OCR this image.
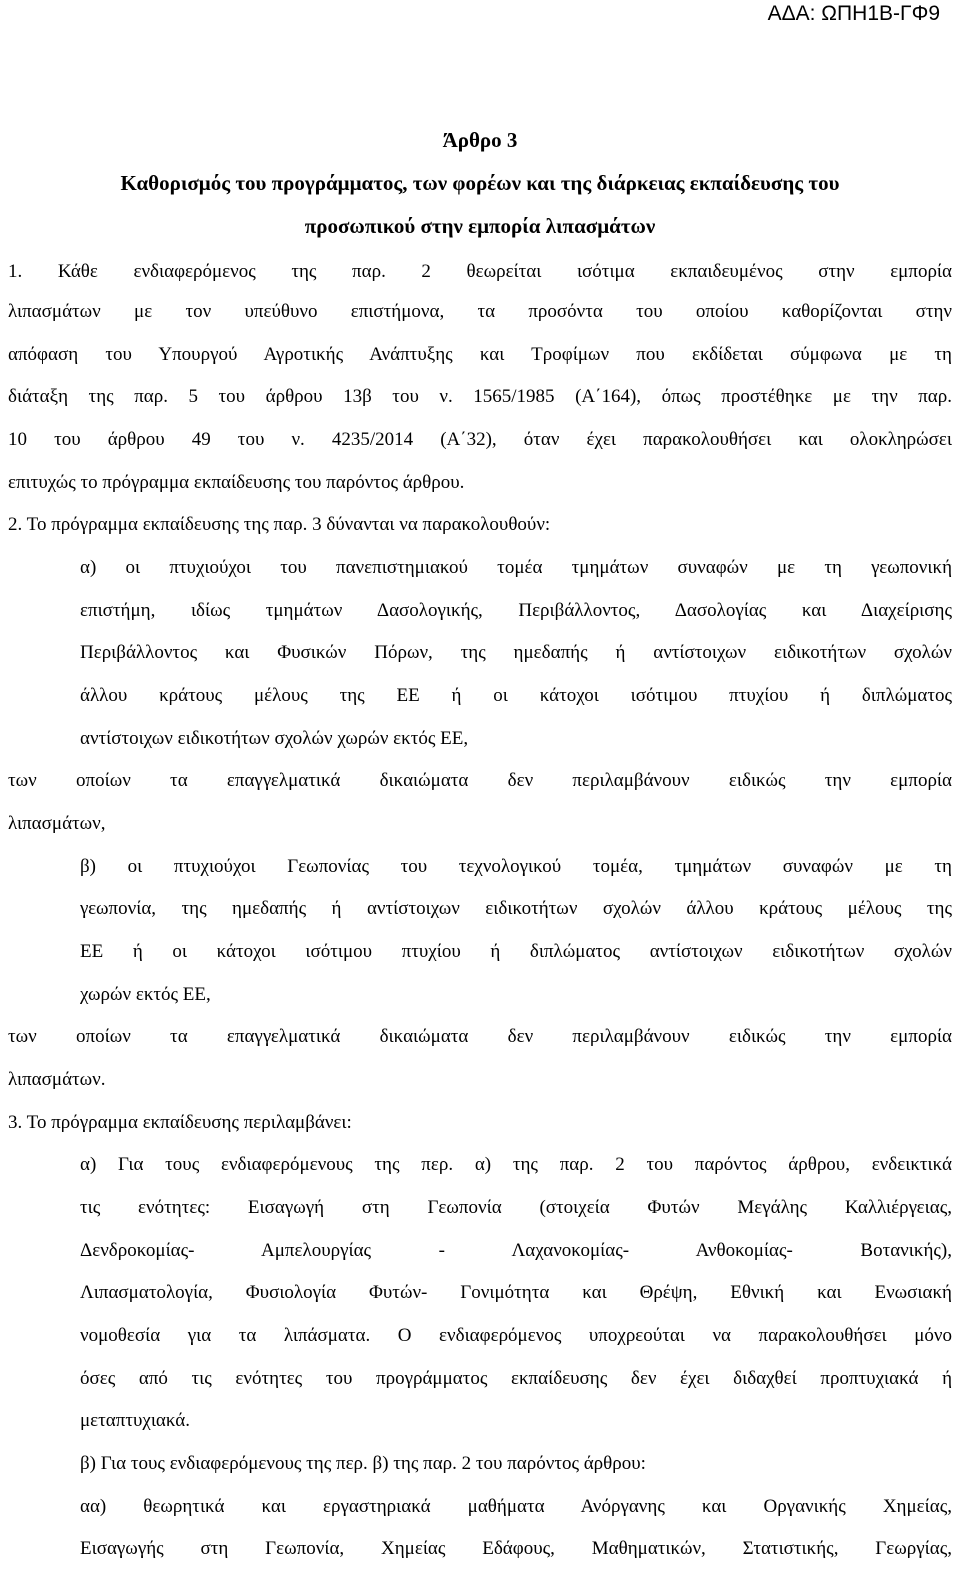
ΑΔΑ: ΩΠΗ1Β-ΓΦ9
Άρθρο 3
Καθορισμός του προγράμματος, των φορέων και της διάρκειας εκπαίδευσης του
προσωπικού στην εμπορία λιπασμάτων
1. Κάθε ενδιαφερόμενος της παρ. 2 θεωρείται ισότιμα εκπαιδευμένος στην εμπορία
λιπασμάτων με τον υπεύθυνο επιστήμονα, τα προσόντα του οποίου καθορίζονται στην
απόφαση του Υπουργού Αγροτικής Ανάπτυξης και Τροφίμων που εκδίδεται σύμφωνα με τη
διάταξη της παρ. 5 του άρθρου 13β του ν. 1565/1985 (Α΄164), όπως προστέθηκε με την παρ.
10 του άρθρου 49 του ν. 4235/2014 (Α΄32), όταν έχει παρακολουθήσει και ολοκληρώσει
επιτυχώς το πρόγραμμα εκπαίδευσης του παρόντος άρθρου.
2. Το πρόγραμμα εκπαίδευσης της παρ. 3 δύνανται να παρακολουθούν:
α) οι πτυχιούχοι του πανεπιστημιακού τομέα τμημάτων συναφών με τη γεωπονική
επιστήμη, ιδίως τμημάτων Δασολογικής, Περιβάλλοντος, Δασολογίας και Διαχείρισης
Περιβάλλοντος και Φυσικών Πόρων, της ημεδαπής ή αντίστοιχων ειδικοτήτων σχολών
άλλου κράτους μέλους της ΕΕ ή οι κάτοχοι ισότιμου πτυχίου ή διπλώματος
αντίστοιχων ειδικοτήτων σχολών χωρών εκτός ΕΕ,
των οποίων τα επαγγελματικά δικαιώματα δεν περιλαμβάνουν ειδικώς την εμπορία
λιπασμάτων,
β) οι πτυχιούχοι Γεωπονίας του τεχνολογικού τομέα, τμημάτων συναφών με τη
γεωπονία, της ημεδαπής ή αντίστοιχων ειδικοτήτων σχολών άλλου κράτους μέλους της
ΕΕ ή οι κάτοχοι ισότιμου πτυχίου ή διπλώματος αντίστοιχων ειδικοτήτων σχολών
χωρών εκτός ΕΕ,
των οποίων τα επαγγελματικά δικαιώματα δεν περιλαμβάνουν ειδικώς την εμπορία
λιπασμάτων.
3. Το πρόγραμμα εκπαίδευσης περιλαμβάνει:
α) Για τους ενδιαφερόμενους της περ. α) της παρ. 2 του παρόντος άρθρου, ενδεικτικά
τις ενότητες: Εισαγωγή στη Γεωπονία (στοιχεία Φυτών Μεγάλης Καλλιέργειας,
Δενδροκομίας- Αμπελουργίας - Λαχανοκομίας- Ανθοκομίας- Βοτανικής),
Λιπασματολογία, Φυσιολογία Φυτών- Γονιμότητα και Θρέψη, Εθνική και Ενωσιακή
νομοθεσία για τα λιπάσματα. Ο ενδιαφερόμενος υποχρεούται να παρακολουθήσει μόνο
όσες από τις ενότητες του προγράμματος εκπαίδευσης δεν έχει διδαχθεί προπτυχιακά ή
μεταπτυχιακά.
β) Για τους ενδιαφερόμενους της περ. β) της παρ. 2 του παρόντος άρθρου:
αα) θεωρητικά και εργαστηριακά μαθήματα Ανόργανης και Οργανικής Χημείας,
Εισαγωγής στη Γεωπονία, Χημείας Εδάφους, Μαθηματικών, Στατιστικής, Γεωργίας,
